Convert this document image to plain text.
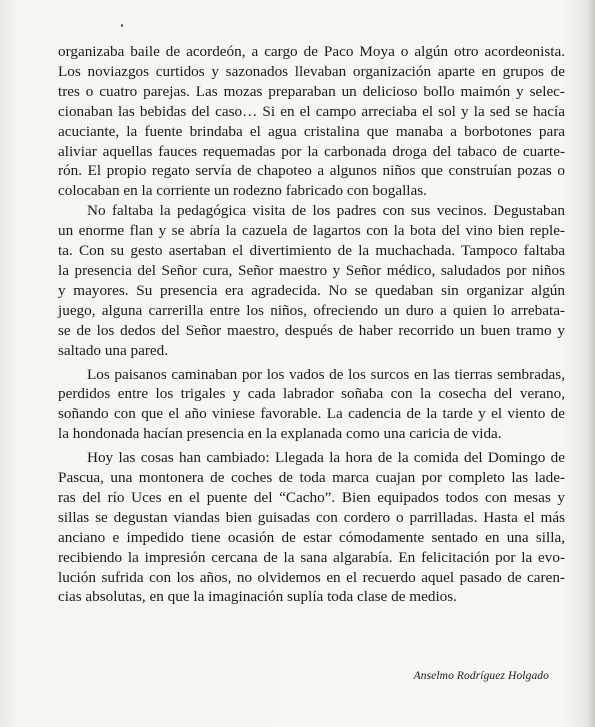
organizaba baile de acordeón, a cargo de Paco Moya o algún otro acordeonista.
Los noviazgos curtidos y sazonados llevaban organización aparte en grupos de
tres o cuatro parejas. Las mozas preparaban un delicioso bollo maimón y selec-
cionaban las bebidas del caso… Si en el campo arreciaba el sol y la sed se hacía
acuciante, la fuente brindaba el agua cristalina que manaba a borbotones para
aliviar aquellas fauces requemadas por la carbonada droga del tabaco de cuarte-
rón. El propio regato servía de chapoteo a algunos niños que construían pozas o
colocaban en la corriente un rodezno fabricado con bogallas.
No faltaba la pedagógica visita de los padres con sus vecinos. Degustaban
un enorme flan y se abría la cazuela de lagartos con la bota del vino bien reple-
ta. Con su gesto asertaban el divertimiento de la muchachada. Tampoco faltaba
la presencia del Señor cura, Señor maestro y Señor médico, saludados por niños
y mayores. Su presencia era agradecida. No se quedaban sin organizar algún
juego, alguna carrerilla entre los niños, ofreciendo un duro a quien lo arrebata-
se de los dedos del Señor maestro, después de haber recorrido un buen tramo y
saltado una pared.
Los paisanos caminaban por los vados de los surcos en las tierras sembradas,
perdidos entre los trigales y cada labrador soñaba con la cosecha del verano,
soñando con que el año viniese favorable. La cadencia de la tarde y el viento de
la hondonada hacían presencia en la explanada como una caricia de vida.
Hoy las cosas han cambiado: Llegada la hora de la comida del Domingo de
Pascua, una montonera de coches de toda marca cuajan por completo las lade-
ras del río Uces en el puente del “Cacho”. Bien equipados todos con mesas y
sillas se degustan viandas bien guisadas con cordero o parrilladas. Hasta el más
anciano e impedido tiene ocasión de estar cómodamente sentado en una silla,
recibiendo la impresión cercana de la sana algarabía. En felicitación por la evo-
lución sufrida con los años, no olvidemos en el recuerdo aquel pasado de caren-
cias absolutas, en que la imaginación suplía toda clase de medios.
Anselmo Rodríguez Holgado
